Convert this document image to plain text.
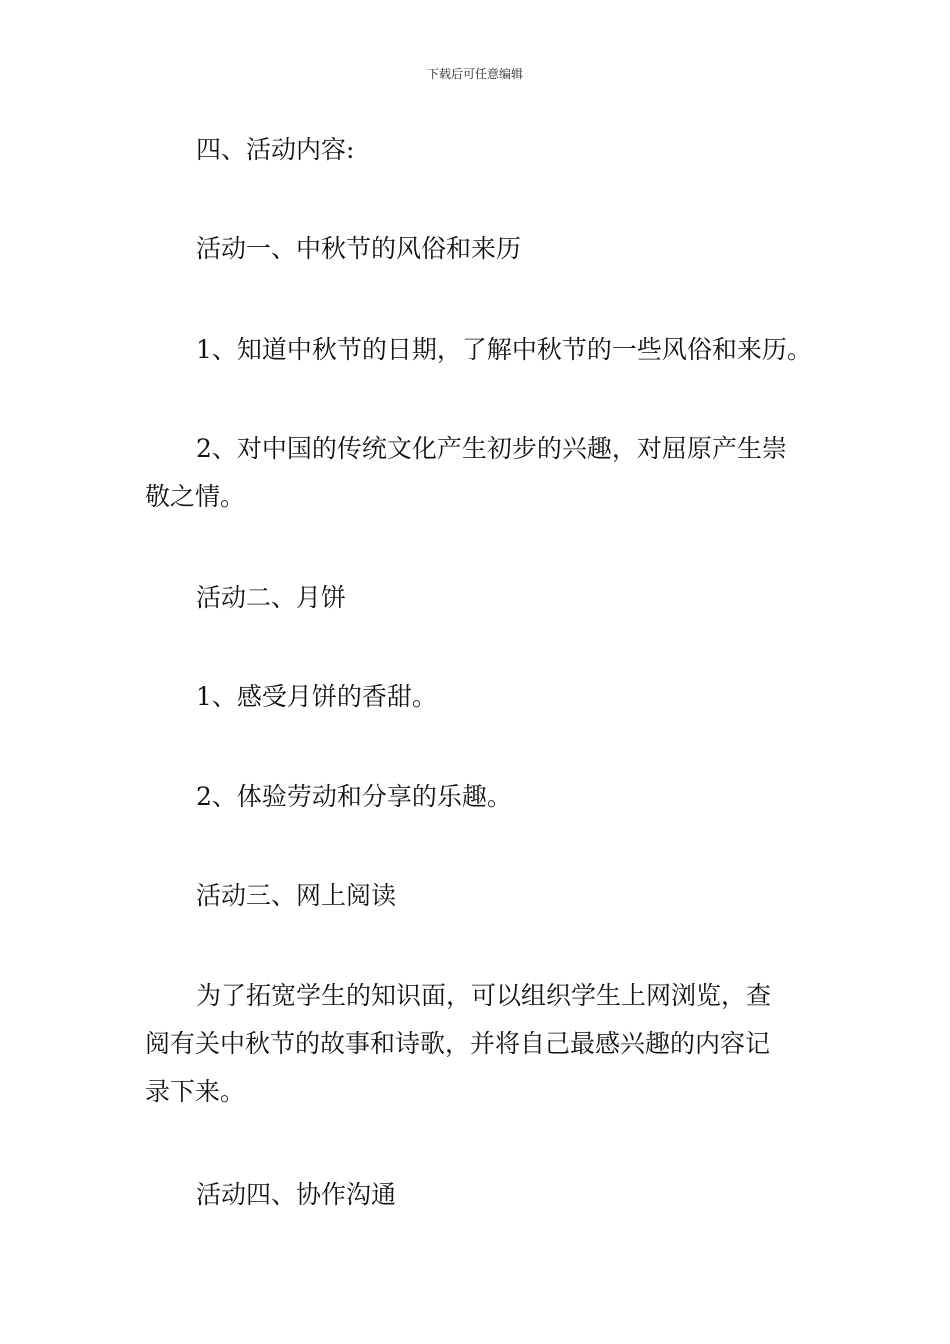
下载后可任意编辑
四、活动内容:
活动一、中秋节的风俗和来历
1、知道中秋节的日期，了解中秋节的一些风俗和来历。
2、对中国的传统文化产生初步的兴趣，对屈原产生崇
敬之情。
活动二、月饼
1、感受月饼的香甜。
2、体验劳动和分享的乐趣。
活动三、网上阅读
为了拓宽学生的知识面，可以组织学生上网浏览，查
阅有关中秋节的故事和诗歌，并将自己最感兴趣的内容记
录下来。
活动四、协作沟通
